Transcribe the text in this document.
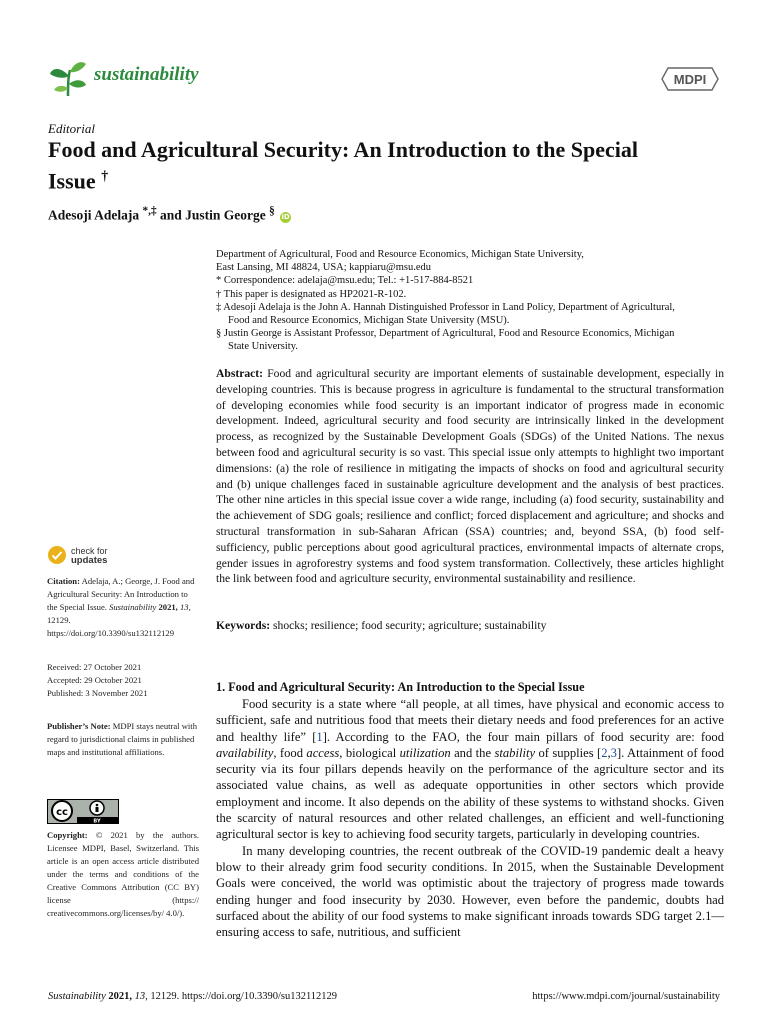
sustainability	MDPI
Editorial
Food and Agricultural Security: An Introduction to the Special Issue †
Adesoji Adelaja *,‡ and Justin George § iD
Department of Agricultural, Food and Resource Economics, Michigan State University,
East Lansing, MI 48824, USA; kappiaru@msu.edu
* Correspondence: adelaja@msu.edu; Tel.: +1-517-884-8521
† This paper is designated as HP2021-R-102.
‡ Adesoji Adelaja is the John A. Hannah Distinguished Professor in Land Policy, Department of Agricultural,
Food and Resource Economics, Michigan State University (MSU).
§ Justin George is Assistant Professor, Department of Agricultural, Food and Resource Economics, Michigan
State University.
Abstract: Food and agricultural security are important elements of sustainable development, especially in developing countries. This is because progress in agriculture is fundamental to the structural transformation of developing economies while food security is an important indicator of progress made in economic development. Indeed, agricultural security and food security are intrinsically linked in the development process, as recognized by the Sustainable Development Goals (SDGs) of the United Nations. The nexus between food and agricultural security is so vast. This special issue only attempts to highlight two important dimensions: (a) the role of resilience in mitigating the impacts of shocks on food and agricultural security and (b) unique challenges faced in sustainable agriculture development and the analysis of best practices. The other nine articles in this special issue cover a wide range, including (a) food security, sustainability and the achievement of SDG goals; resilience and conflict; forced displacement and agriculture; and shocks and structural transformation in sub-Saharan African (SSA) countries; and, beyond SSA, (b) food self-sufficiency, public perceptions about good agricultural practices, environmental impacts of alternate crops, gender issues in agroforestry systems and food system transformation. Collectively, these articles highlight the link between food and agriculture security, environmental sustainability and resilience.
Keywords: shocks; resilience; food security; agriculture; sustainability
1. Food and Agricultural Security: An Introduction to the Special Issue

Food security is a state where “all people, at all times, have physical and economic access to sufficient, safe and nutritious food that meets their dietary needs and food preferences for an active and healthy life” [1]. According to the FAO, the four main pillars of food security are: food availability, food access, biological utilization and the stability of supplies [2,3]. Attainment of food security via its four pillars depends heavily on the performance of the agriculture sector and its associated value chains, as well as adequate opportunities in other sectors which provide employment and income. It also depends on the ability of these systems to withstand shocks. Given the scarcity of natural resources and other related challenges, an efficient and well-functioning agricultural sector is key to achieving food security targets, particularly in developing countries.

In many developing countries, the recent outbreak of the COVID-19 pandemic dealt a heavy blow to their already grim food security conditions. In 2015, when the Sustainable Development Goals were conceived, the world was optimistic about the trajectory of progress made towards ending hunger and food insecurity by 2030. However, even before the pandemic, doubts had surfaced about the ability of our food systems to make significant inroads towards SDG target 2.1—ensuring access to safe, nutritious, and sufficient

check for
updates
Citation: Adelaja, A.; George, J. Food and Agricultural Security: An Introduction to the Special Issue. Sustainability 2021, 13, 12129. https://doi.org/10.3390/su132112129
Received: 27 October 2021
Accepted: 29 October 2021
Published: 3 November 2021
Publisher’s Note: MDPI stays neutral with regard to jurisdictional claims in published maps and institutional affiliations.
cc
BY
Copyright: © 2021 by the authors. Licensee MDPI, Basel, Switzerland. This article is an open access article distributed under the terms and conditions of the Creative Commons Attribution (CC BY) license (https:// creativecommons.org/licenses/by/ 4.0/).
Sustainability 2021, 13, 12129. https://doi.org/10.3390/su132112129	https://www.mdpi.com/journal/sustainability
